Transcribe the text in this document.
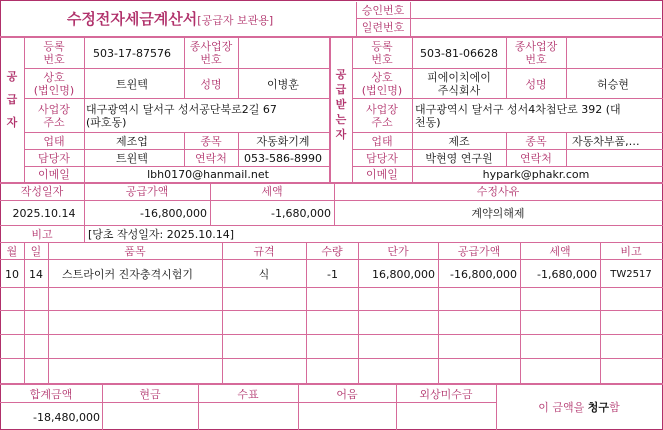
수정전자세금계산서[공급자 보관용]
승인번호
일련번호
공
급
자
등록
번호	503-17-87576
종사업장
번호
상호
(법인명)	트윈텍	성명	이병훈
사업장
주소
대구광역시 달서구 성서공단북로2길 67
(파호동)
업태	제조업	종목	자동화기계
담당자	트윈텍	연락처 053-586-8990
이메일	lbh0170@hanmail.net
공
급
받
는
자
등록
번호 503-81-06628
종사업장
번호
상호
(법인명)
피에이치에이
주식회사	성명	허승현
사업장
주소
대구광역시 달서구 성서4차첨단로 392 (대
천동)
업태	제조	종목 자동차부품,…
담당자 박현영 연구원 연락처
이메일	hypark@phakr.com
작성일자	공급가액	세액	수정사유
2025.10.14	-16,800,000	-1,680,000	계약의해제
비고	[당초 작성일자: 2025.10.14]
월 일	품목	규격	수량	단가	공급가액	세액	비고
10 14 스트라이커 진자충격시험기	식	-1	16,800,000 -16,800,000 -1,680,000 TW2517
합계금액	현금	수표	어음	외상미수금
-18,480,000
이 금액을 청구함
